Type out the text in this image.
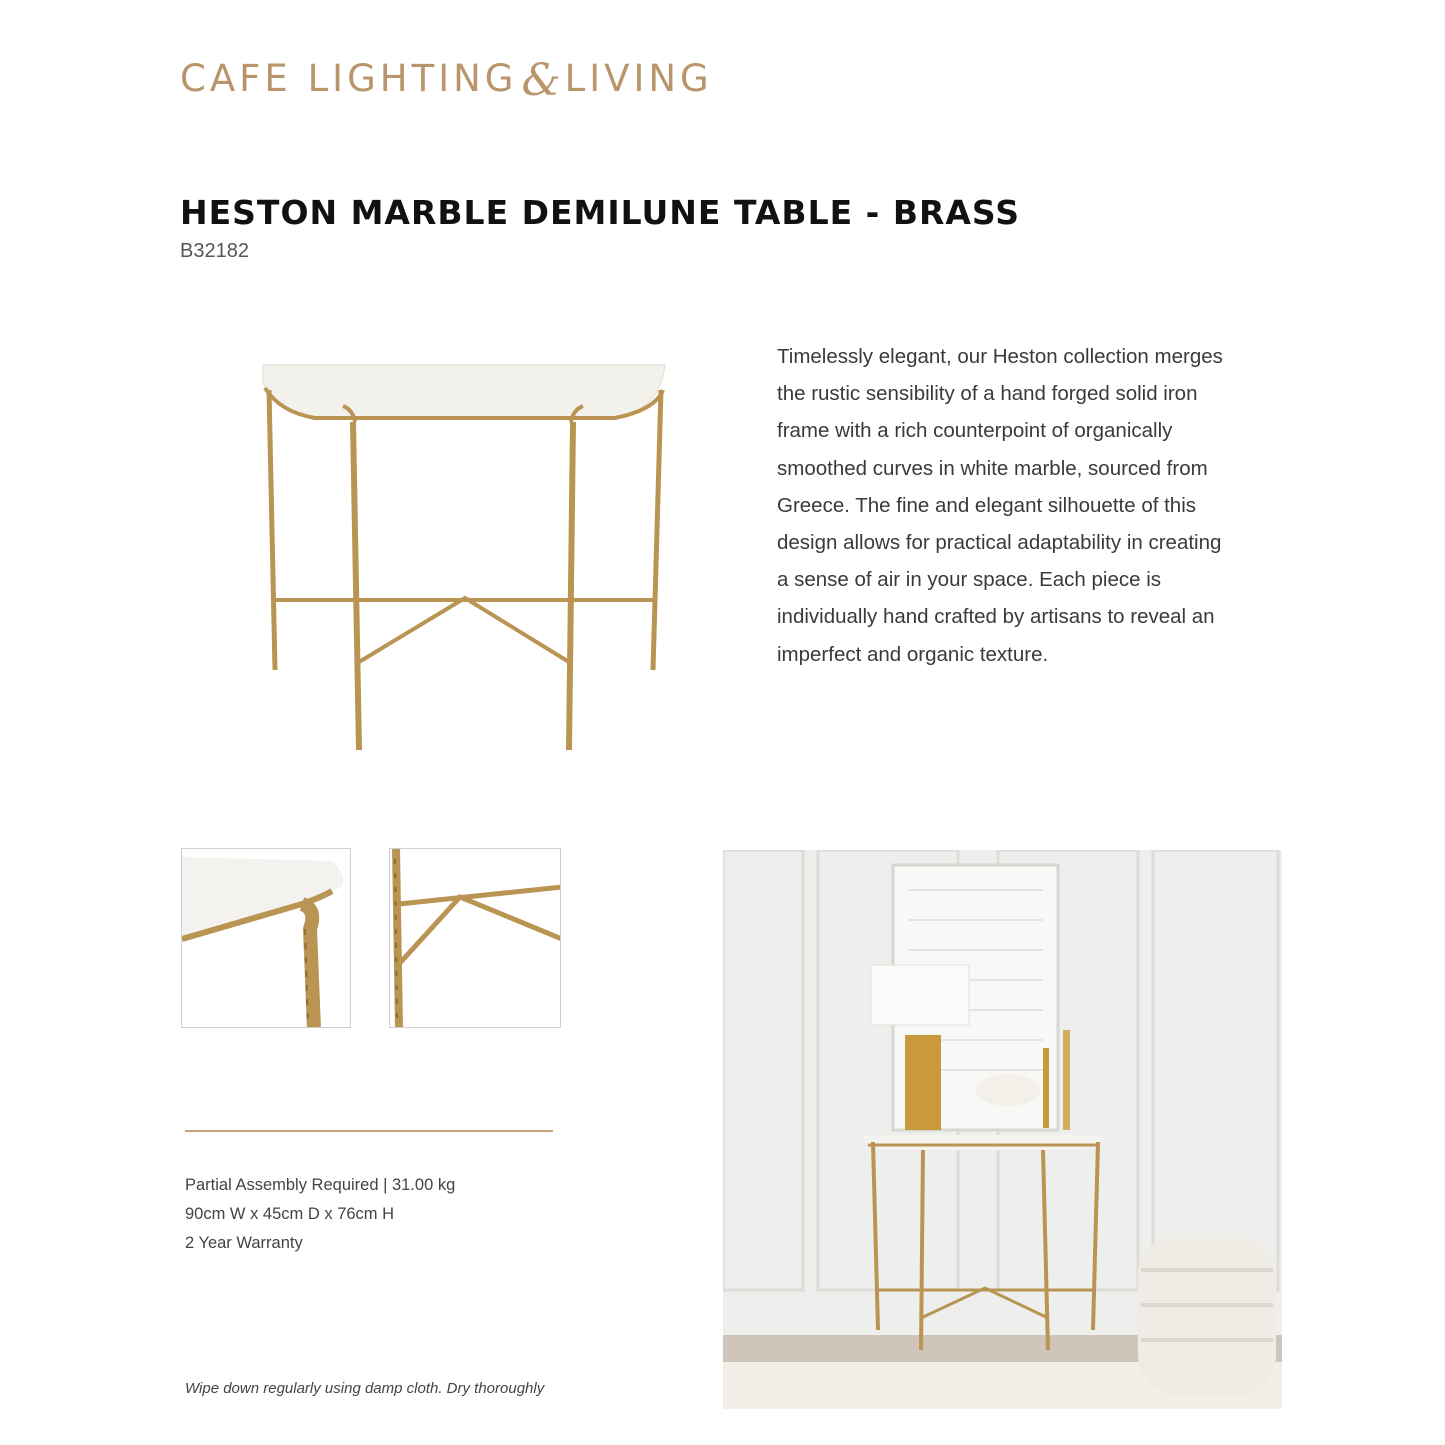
CAFE LIGHTING & LIVING
HESTON MARBLE DEMILUNE TABLE - BRASS
B32182
Timelessly elegant, our Heston collection merges
the rustic sensibility of a hand forged solid iron
frame with a rich counterpoint of organically
smoothed curves in white marble, sourced from
Greece. The fine and elegant silhouette of this
design allows for practical adaptability in creating
a sense of air in your space. Each piece is
individually hand crafted by artisans to reveal an
imperfect and organic texture.
Partial Assembly Required | 31.00 kg
90cm W x 45cm D x 76cm H
2 Year Warranty
Wipe down regularly using damp cloth. Dry thoroughly
